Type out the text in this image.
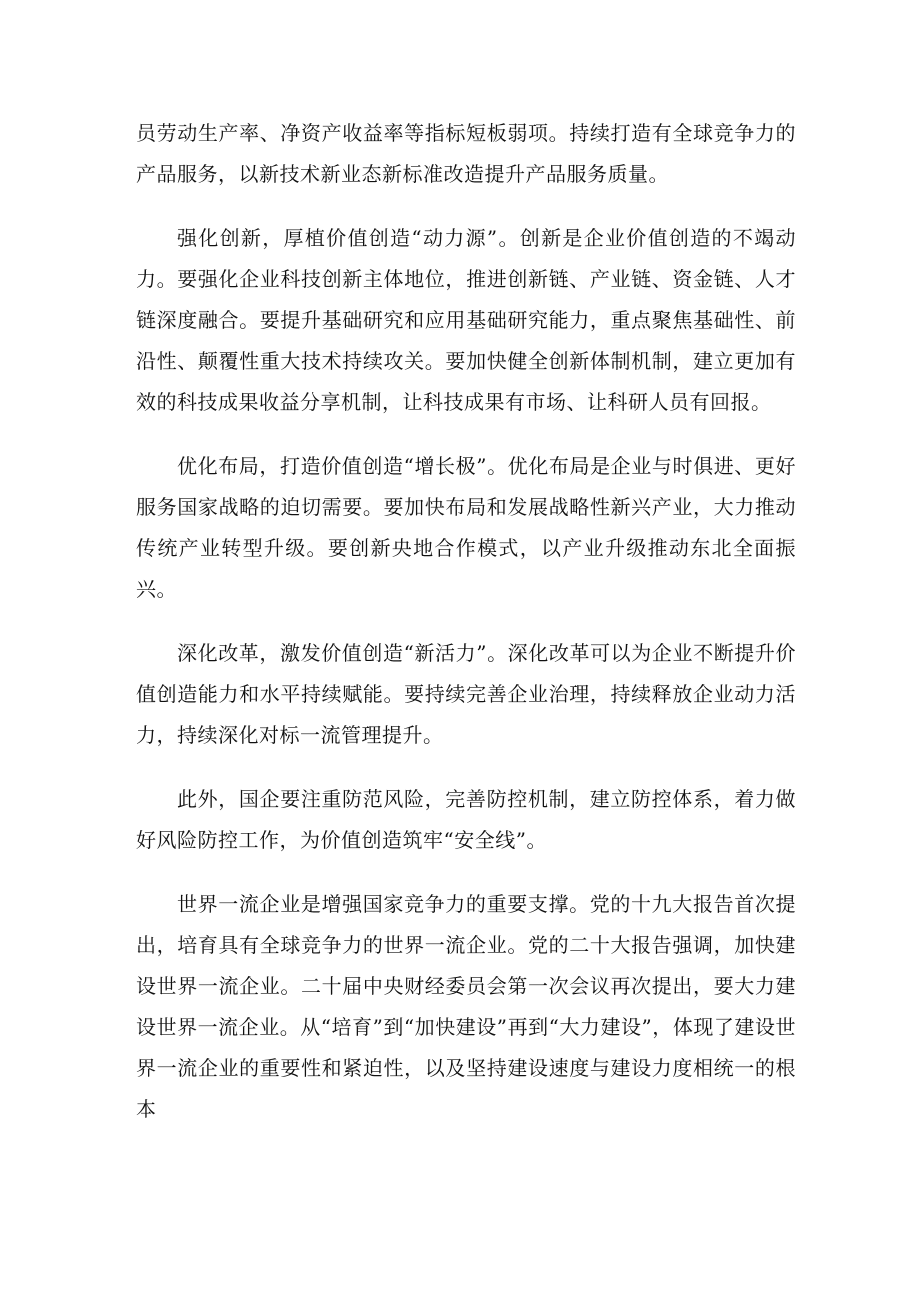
员劳动生产率、净资产收益率等指标短板弱项。持续打造有全球竞争力的产品服务，以新技术新业态新标准改造提升产品服务质量。

强化创新，厚植价值创造“动力源”。创新是企业价值创造的不竭动力。要强化企业科技创新主体地位，推进创新链、产业链、资金链、人才链深度融合。要提升基础研究和应用基础研究能力，重点聚焦基础性、前沿性、颠覆性重大技术持续攻关。要加快健全创新体制机制，建立更加有效的科技成果收益分享机制，让科技成果有市场、让科研人员有回报。

优化布局，打造价值创造“增长极”。优化布局是企业与时俱进、更好服务国家战略的迫切需要。要加快布局和发展战略性新兴产业，大力推动传统产业转型升级。要创新央地合作模式，以产业升级推动东北全面振兴。

深化改革，激发价值创造“新活力”。深化改革可以为企业不断提升价值创造能力和水平持续赋能。要持续完善企业治理，持续释放企业动力活力，持续深化对标一流管理提升。

此外，国企要注重防范风险，完善防控机制，建立防控体系，着力做好风险防控工作，为价值创造筑牢“安全线”。

世界一流企业是增强国家竞争力的重要支撑。党的十九大报告首次提出，培育具有全球竞争力的世界一流企业。党的二十大报告强调，加快建设世界一流企业。二十届中央财经委员会第一次会议再次提出，要大力建设世界一流企业。从“培育”到“加快建设”再到“大力建设”，体现了建设世界一流企业的重要性和紧迫性，以及坚持建设速度与建设力度相统一的根本
